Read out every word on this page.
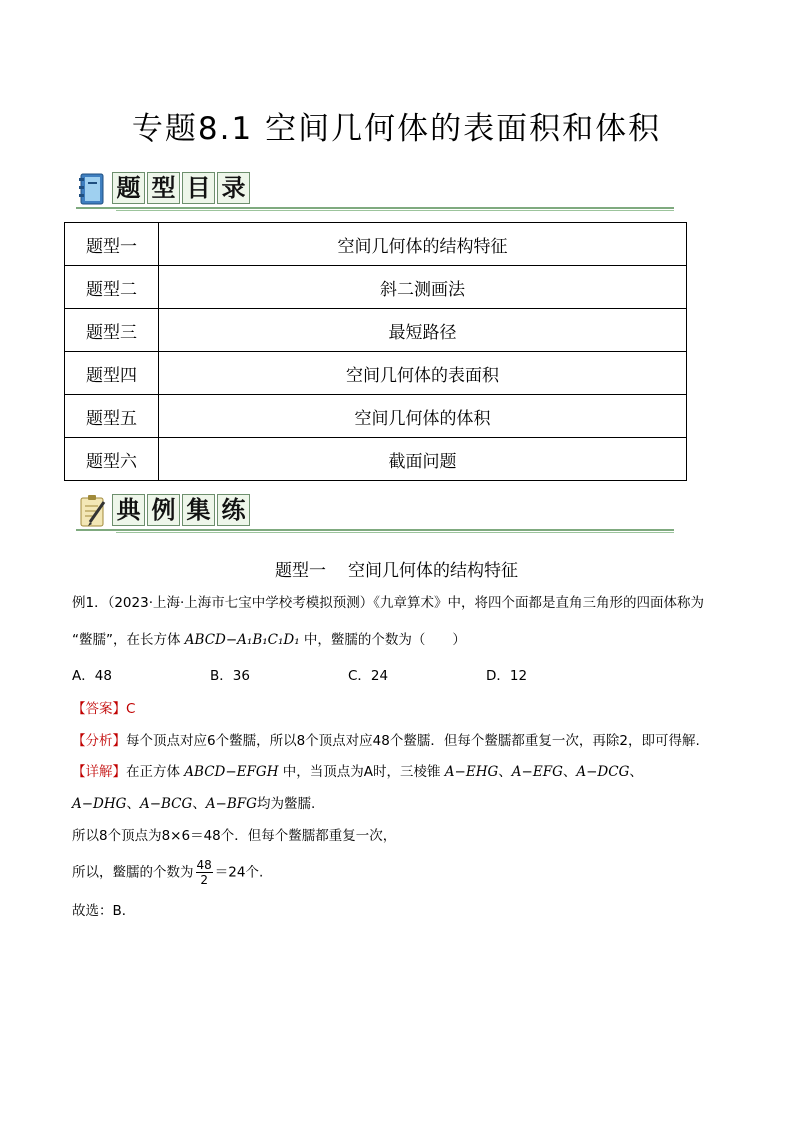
专题8.1 空间几何体的表面积和体积
题 型 目 录
题型一	空间几何体的结构特征
题型二	斜二测画法
题型三	最短路径
题型四	空间几何体的表面积
题型五	空间几何体的体积
题型六	截面问题
典 例 集 练
题型一 空间几何体的结构特征
例1．（2023·上海·上海市七宝中学校考模拟预测）《九章算术》中，将四个面都是直角三角形的四面体称为
“鳖臑”，在长方体 ABCD−A₁B₁C₁D₁ 中，鳖臑的个数为（　　）
A．48	B．36	C．24	D．12
【答案】C
【分析】每个顶点对应6个鳖臑，所以8个顶点对应48个鳖臑．但每个鳖臑都重复一次，再除2，即可得解.
【详解】在正方体 ABCD−EFGH 中，当顶点为A时，三棱锥 A−EHG、A−EFG、A−DCG、
A−DHG、A−BCG、A−BFG均为鳖臑.
所以8个顶点为8×6＝48个．但每个鳖臑都重复一次，
所以，鳖臑的个数为 $\frac{48}{2} =24$个.
故选：B．
